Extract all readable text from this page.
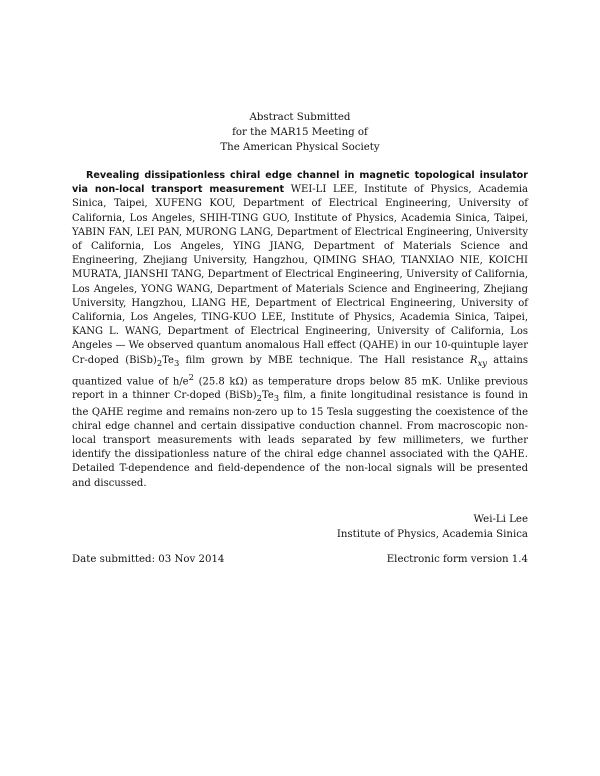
Abstract Submitted
for the MAR15 Meeting of
The American Physical Society
Revealing dissipationless chiral edge channel in magnetic topological insulator via non-local transport measurement WEI-LI LEE, Institute of Physics, Academia Sinica, Taipei, XUFENG KOU, Department of Electrical Engineering, University of California, Los Angeles, SHIH-TING GUO, Institute of Physics, Academia Sinica, Taipei, YABIN FAN, LEI PAN, MURONG LANG, Department of Electrical Engineering, University of California, Los Angeles, YING JIANG, Department of Materials Science and Engineering, Zhejiang University, Hangzhou, QIMING SHAO, TIANXIAO NIE, KOICHI MURATA, JIANSHI TANG, Department of Electrical Engineering, University of California, Los Angeles, YONG WANG, Department of Materials Science and Engineering, Zhejiang University, Hangzhou, LIANG HE, Department of Electrical Engineering, University of California, Los Angeles, TING-KUO LEE, Institute of Physics, Academia Sinica, Taipei, KANG L. WANG, Department of Electrical Engineering, University of California, Los Angeles — We observed quantum anomalous Hall effect (QAHE) in our 10-quintuple layer Cr-doped $(BiSb)_2Te_3$ film grown by MBE technique. The Hall resistance $R_{xy}$ attains quantized value of $h/e^2$ (25.8 kΩ) as temperature drops below 85 mK. Unlike previous report in a thinner Cr-doped $(BiSb)_2Te_3$ film, a finite longitudinal resistance is found in the QAHE regime and remains non-zero up to 15 Tesla suggesting the coexistence of the chiral edge channel and certain dissipative conduction channel. From macroscopic non-local transport measurements with leads separated by few millimeters, we further identify the dissipationless nature of the chiral edge channel associated with the QAHE. Detailed T-dependence and field-dependence of the non-local signals will be presented and discussed.
Wei-Li Lee
Institute of Physics, Academia Sinica
Date submitted: 03 Nov 2014	Electronic form version 1.4
